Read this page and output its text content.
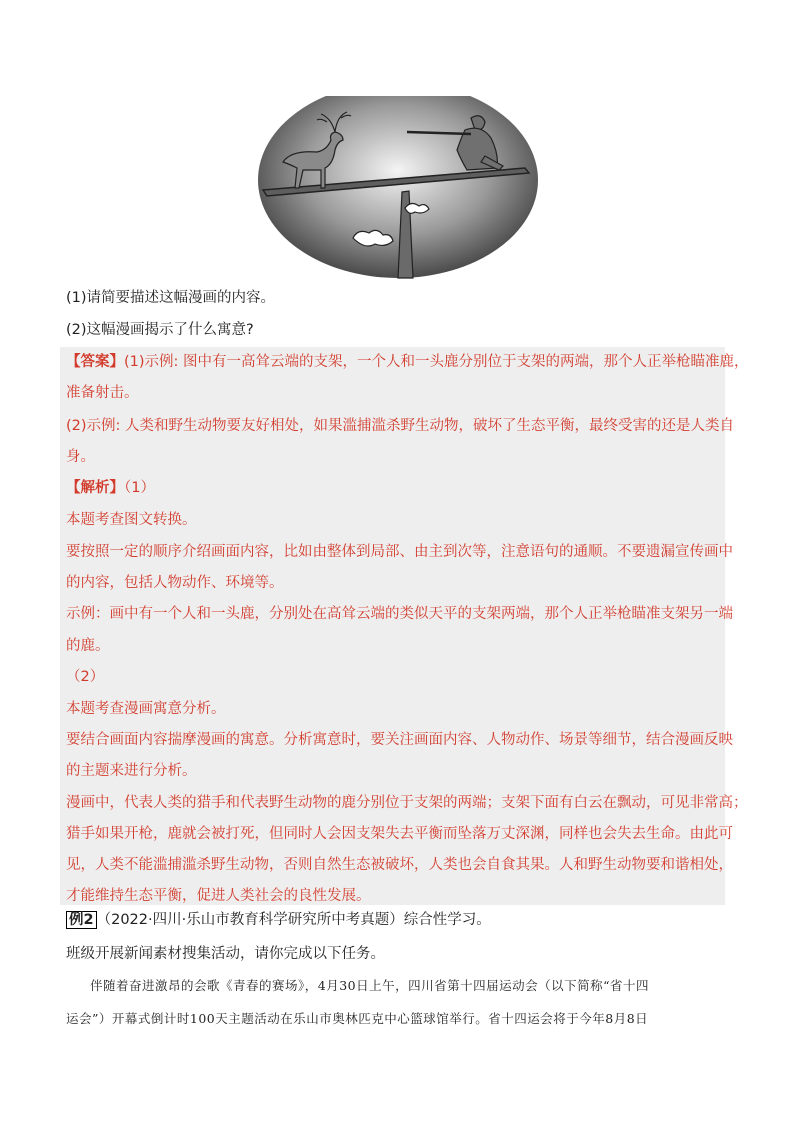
(1)请简要描述这幅漫画的内容。
(2)这幅漫画揭示了什么寓意?
【答案】(1)示例: 图中有一高耸云端的支架，一个人和一头鹿分别位于支架的两端，那个人正举枪瞄准鹿，
准备射击。
(2)示例: 人类和野生动物要友好相处，如果滥捕滥杀野生动物，破坏了生态平衡，最终受害的还是人类自
身。
【解析】（1）
本题考查图文转换。
要按照一定的顺序介绍画面内容，比如由整体到局部、由主到次等，注意语句的通顺。不要遗漏宣传画中
的内容，包括人物动作、环境等。
示例：画中有一个人和一头鹿，分别处在高耸云端的类似天平的支架两端，那个人正举枪瞄准支架另一端
的鹿。
（2）
本题考查漫画寓意分析。
要结合画面内容揣摩漫画的寓意。分析寓意时，要关注画面内容、人物动作、场景等细节，结合漫画反映
的主题来进行分析。
漫画中，代表人类的猎手和代表野生动物的鹿分别位于支架的两端；支架下面有白云在飘动，可见非常高；
猎手如果开枪，鹿就会被打死，但同时人会因支架失去平衡而坠落万丈深渊，同样也会失去生命。由此可
见，人类不能滥捕滥杀野生动物，否则自然生态被破坏，人类也会自食其果。人和野生动物要和谐相处，
才能维持生态平衡，促进人类社会的良性发展。
例2 （2022·四川·乐山市教育科学研究所中考真题）综合性学习。
班级开展新闻素材搜集活动，请你完成以下任务。
伴随着奋进激昂的会歌《青春的赛场》，4月30日上午，四川省第十四届运动会（以下简称“省十四
运会”）开幕式倒计时100天主题活动在乐山市奥林匹克中心篮球馆举行。省十四运会将于今年8月8日
